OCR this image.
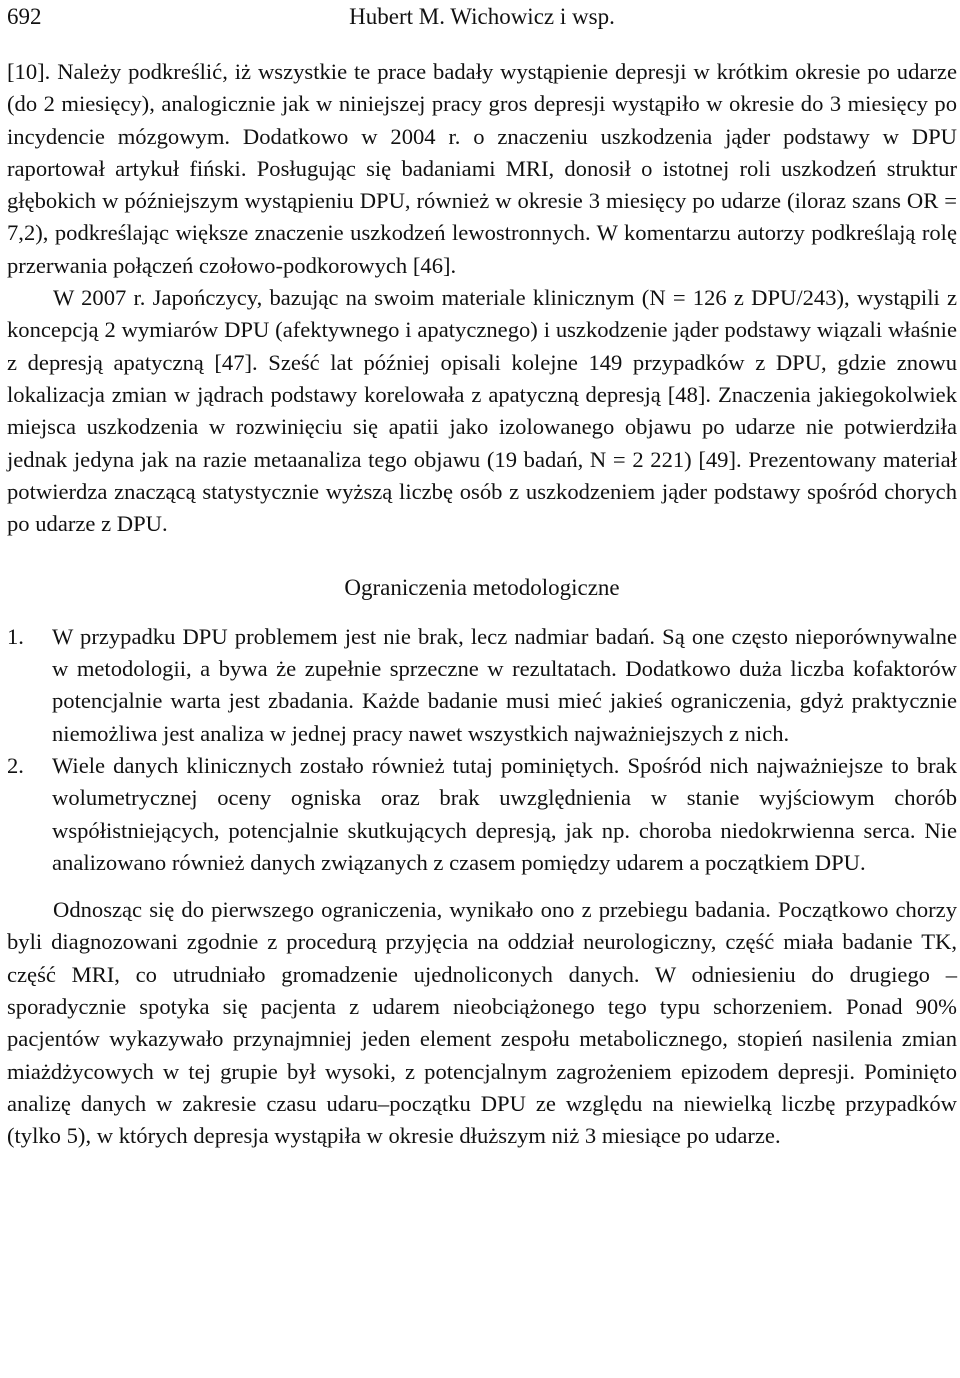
692	Hubert M. Wichowicz i wsp.

[10]. Należy podkreślić, iż wszystkie te prace badały wystąpienie depresji w krótkim okresie po udarze (do 2 miesięcy), analogicznie jak w niniejszej pracy gros depresji wystąpiło w okresie do 3 miesięcy po incydencie mózgowym. Dodatkowo w 2004 r. o znaczeniu uszkodzenia jąder podstawy w DPU raportował artykuł fiński. Posługując się badaniami MRI, donosił o istotnej roli uszkodzeń struktur głębokich w późniejszym wystąpieniu DPU, również w okresie 3 miesięcy po udarze (iloraz szans OR = 7,2), podkreślając większe znaczenie uszkodzeń lewostronnych. W komentarzu autorzy podkreślają rolę przerwania połączeń czołowo-podkorowych [46].

W 2007 r. Japończycy, bazując na swoim materiale klinicznym (N = 126 z DPU/243), wystąpili z koncepcją 2 wymiarów DPU (afektywnego i apatycznego) i uszkodzenie jąder podstawy wiązali właśnie z depresją apatyczną [47]. Sześć lat później opisali kolejne 149 przypadków z DPU, gdzie znowu lokalizacja zmian w jądrach podstawy korelowała z apatyczną depresją [48]. Znaczenia jakiegokolwiek miejsca uszkodzenia w rozwinięciu się apatii jako izolowanego objawu po udarze nie potwierdziła jednak jedyna jak na razie metaanaliza tego objawu (19 badań, N = 2 221) [49]. Prezentowany materiał potwierdza znaczącą statystycznie wyższą liczbę osób z uszkodzeniem jąder podstawy spośród chorych po udarze z DPU.

Ograniczenia metodologiczne
1. W przypadku DPU problemem jest nie brak, lecz nadmiar badań. Są one często nieporównywalne w metodologii, a bywa że zupełnie sprzeczne w rezultatach. Dodatkowo duża liczba kofaktorów potencjalnie warta jest zbadania. Każde badanie musi mieć jakieś ograniczenia, gdyż praktycznie niemożliwa jest analiza w jednej pracy nawet wszystkich najważniejszych z nich.
2. Wiele danych klinicznych zostało również tutaj pominiętych. Spośród nich najważniejsze to brak wolumetrycznej oceny ogniska oraz brak uwzględnienia w stanie wyjściowym chorób współistniejących, potencjalnie skutkujących depresją, jak np. choroba niedokrwienna serca. Nie analizowano również danych związanych z czasem pomiędzy udarem a początkiem DPU.

Odnosząc się do pierwszego ograniczenia, wynikało ono z przebiegu badania. Początkowo chorzy byli diagnozowani zgodnie z procedurą przyjęcia na oddział neurologiczny, część miała badanie TK, część MRI, co utrudniało gromadzenie ujednoliconych danych. W odniesieniu do drugiego – sporadycznie spotyka się pacjenta z udarem nieobciążonego tego typu schorzeniem. Ponad 90% pacjentów wykazywało przynajmniej jeden element zespołu metabolicznego, stopień nasilenia zmian miażdżycowych w tej grupie był wysoki, z potencjalnym zagrożeniem epizodem depresji. Pominięto analizę danych w zakresie czasu udaru–początku DPU ze względu na niewielką liczbę przypadków (tylko 5), w których depresja wystąpiła w okresie dłuższym niż 3 miesiące po udarze.
